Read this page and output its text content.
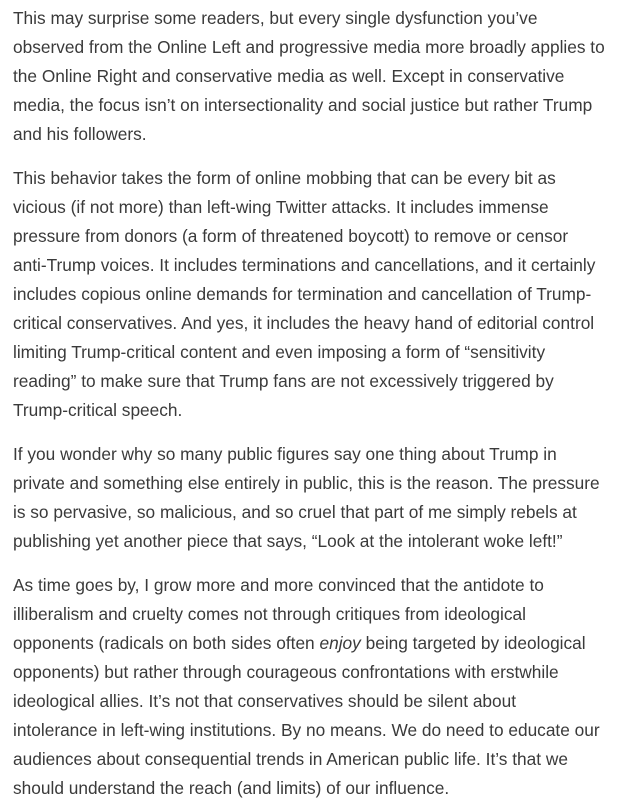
This may surprise some readers, but every single dysfunction you’ve
observed from the Online Left and progressive media more broadly applies to
the Online Right and conservative media as well. Except in conservative
media, the focus isn’t on intersectionality and social justice but rather Trump
and his followers.

This behavior takes the form of online mobbing that can be every bit as
vicious (if not more) than left-wing Twitter attacks. It includes immense
pressure from donors (a form of threatened boycott) to remove or censor
anti-Trump voices. It includes terminations and cancellations, and it certainly
includes copious online demands for termination and cancellation of Trump-
critical conservatives. And yes, it includes the heavy hand of editorial control
limiting Trump-critical content and even imposing a form of “sensitivity
reading” to make sure that Trump fans are not excessively triggered by
Trump-critical speech.

If you wonder why so many public figures say one thing about Trump in
private and something else entirely in public, this is the reason. The pressure
is so pervasive, so malicious, and so cruel that part of me simply rebels at
publishing yet another piece that says, “Look at the intolerant woke left!”

As time goes by, I grow more and more convinced that the antidote to
illiberalism and cruelty comes not through critiques from ideological
opponents (radicals on both sides often enjoy being targeted by ideological
opponents) but rather through courageous confrontations with erstwhile
ideological allies. It’s not that conservatives should be silent about
intolerance in left-wing institutions. By no means. We do need to educate our
audiences about consequential trends in American public life. It’s that we
should understand the reach (and limits) of our influence.
